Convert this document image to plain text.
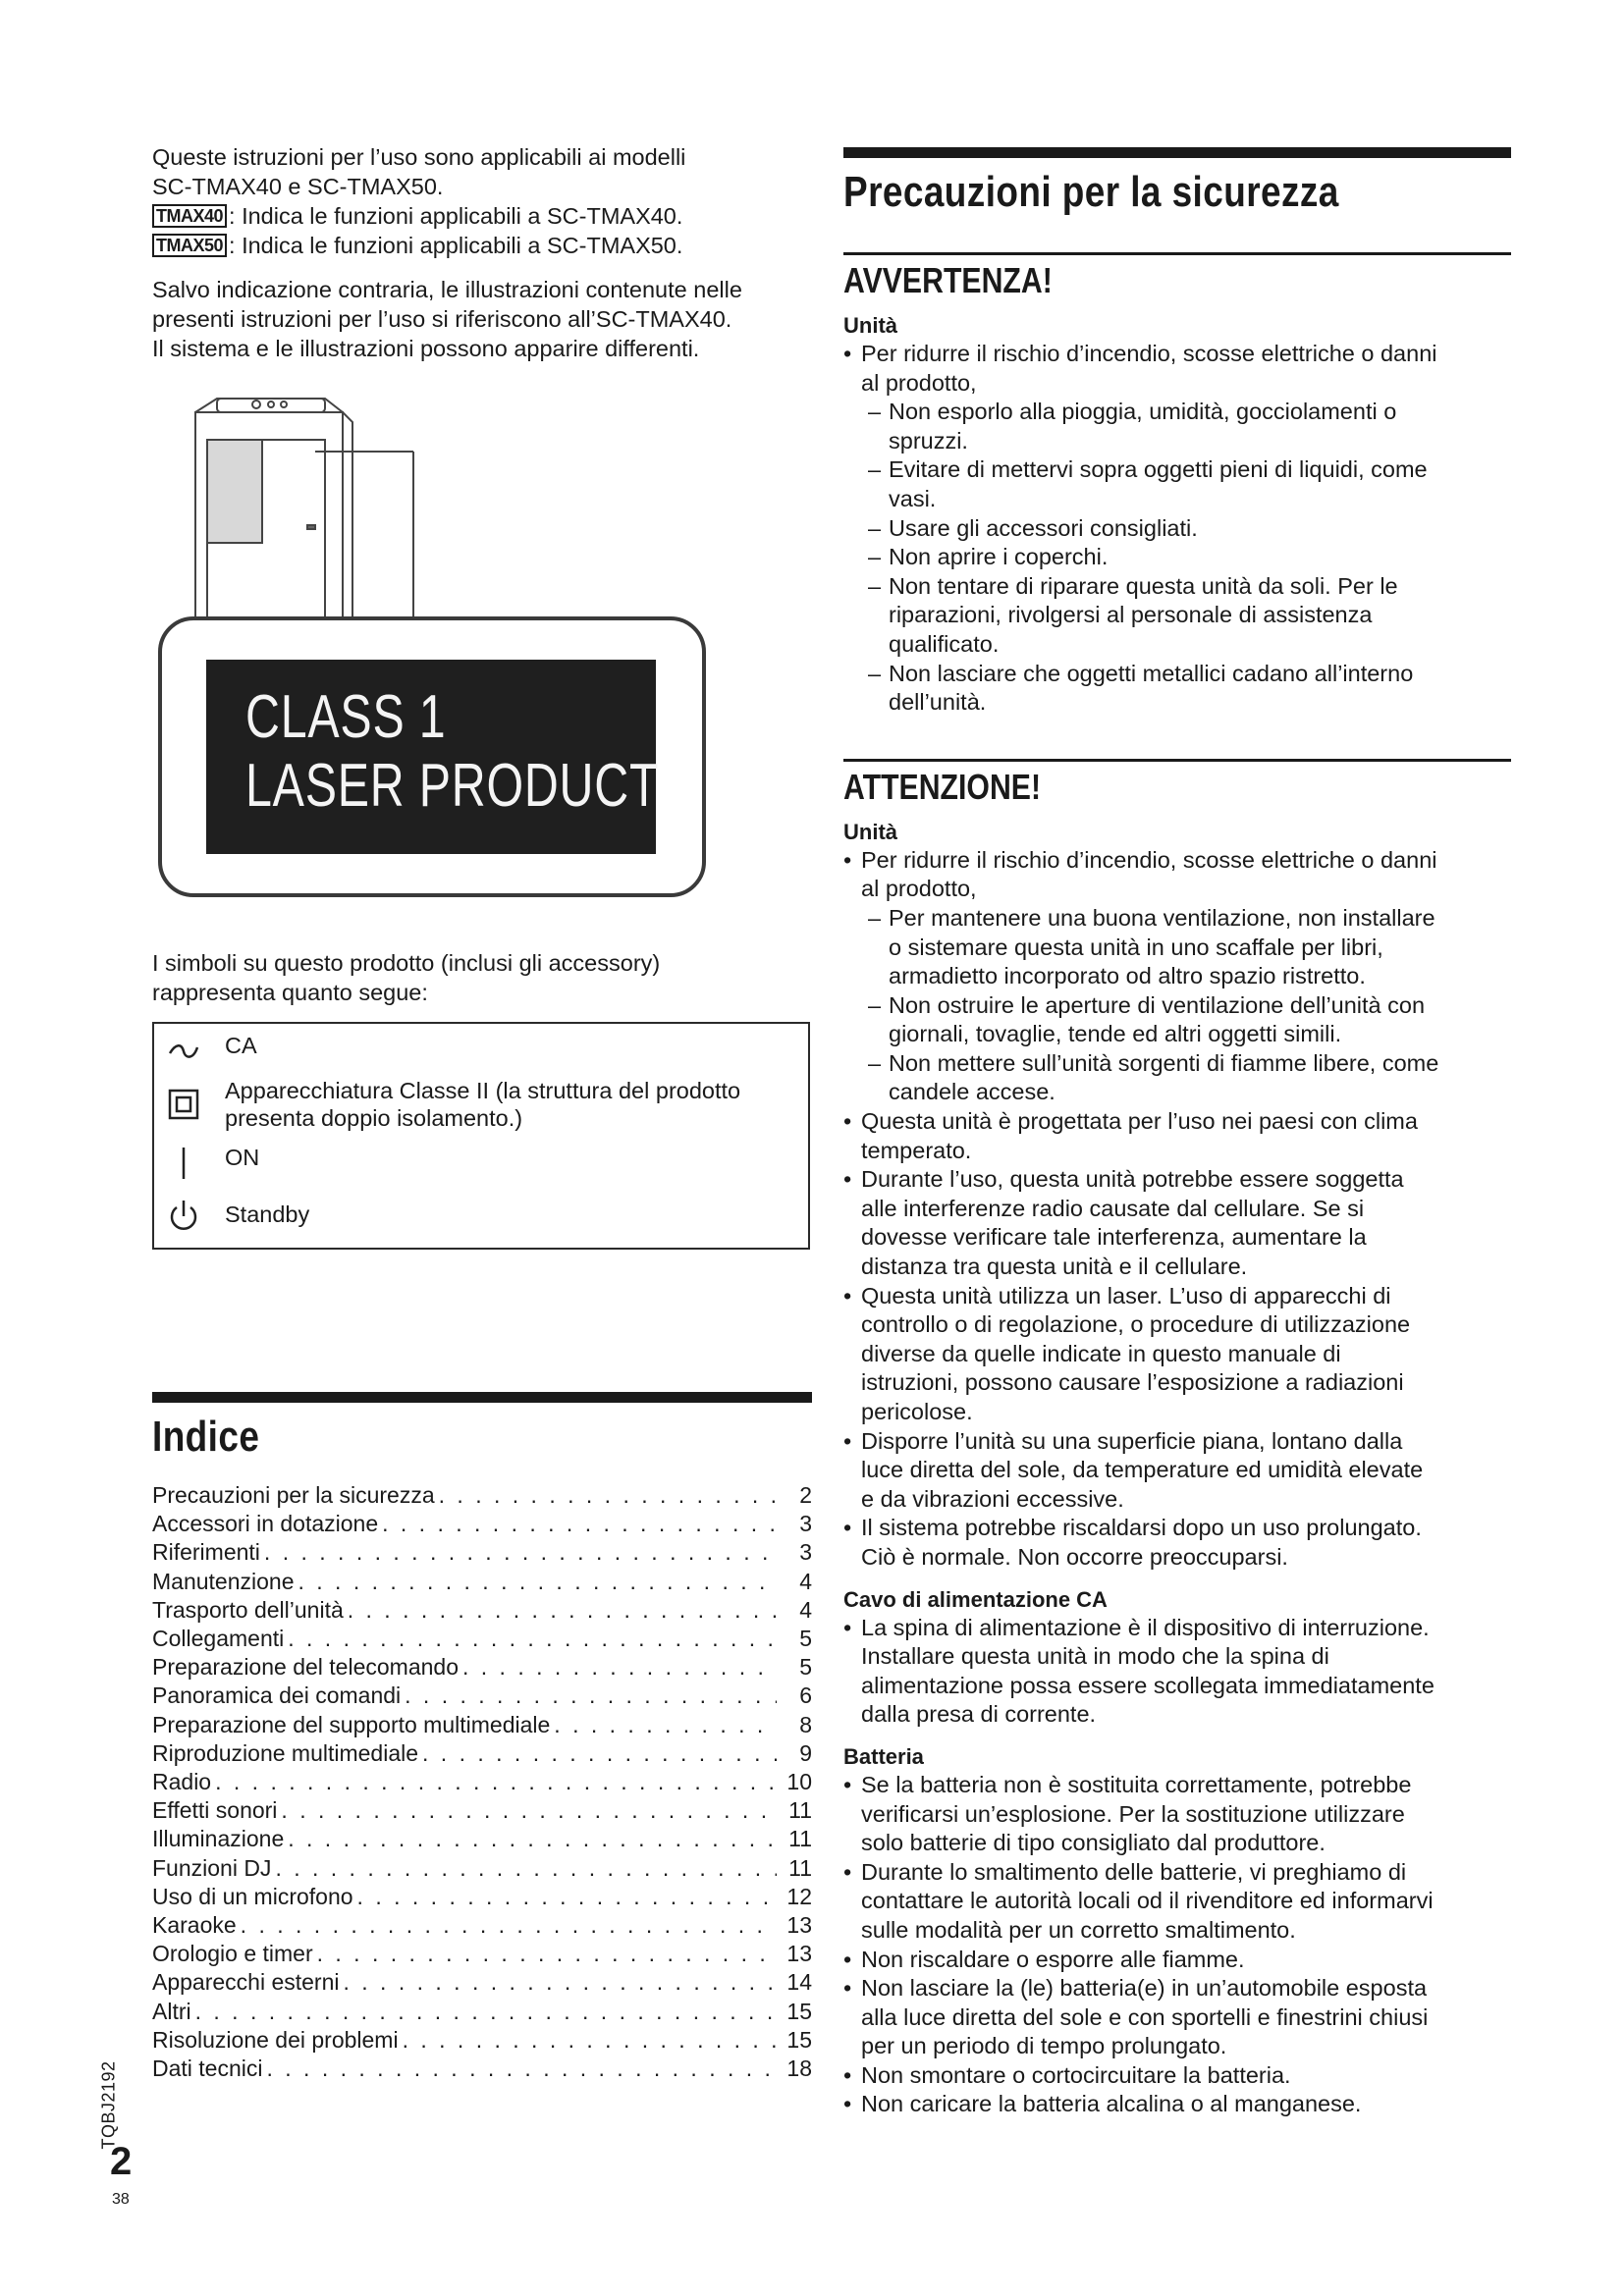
Queste istruzioni per l’uso sono applicabili ai modelli

SC-TMAX40 e SC-TMAX50.

TMAX40 : Indica le funzioni applicabili a SC-TMAX40.

TMAX50 : Indica le funzioni applicabili a SC-TMAX50.

Salvo indicazione contraria, le illustrazioni contenute nelle

presenti istruzioni per l’uso si riferiscono all’SC-TMAX40.

Il sistema e le illustrazioni possono apparire differenti.

CLASS 1
LASER PRODUCT

I simboli su questo prodotto (inclusi gli accessory)

rappresenta quanto segue:

CA
Apparecchiatura Classe II (la struttura del prodotto
presenta doppio isolamento.)
ON
Standby
Indice
Precauzioni per la sicurezza . . .	2
Accessori in dotazione . . .	3
Riferimenti . . .	3
Manutenzione . . .	4
Trasporto dell’unità . . .	4
Collegamenti . . .	5
Preparazione del telecomando . . .	5
Panoramica dei comandi . . .	6
Preparazione del supporto multimediale . . .	8
Riproduzione multimediale . . .	9
Radio . . .	10
Effetti sonori . . .	11
Illuminazione . . .	11
Funzioni DJ . . .	11
Uso di un microfono . . .	12
Karaoke . . .	13
Orologio e timer . . .	13
Apparecchi esterni . . .	14
Altri . . .	15
Risoluzione dei problemi . . .	15
Dati tecnici . . .	18
Precauzioni per la sicurezza
AVVERTENZA!
Unità
• Per ridurre il rischio d’incendio, scosse elettriche o danni
al prodotto,
– Non esporlo alla pioggia, umidità, gocciolamenti o
spruzzi.
– Evitare di mettervi sopra oggetti pieni di liquidi, come
vasi.
– Usare gli accessori consigliati.
– Non aprire i coperchi.
– Non tentare di riparare questa unità da soli. Per le
riparazioni, rivolgersi al personale di assistenza
qualificato.
– Non lasciare che oggetti metallici cadano all’interno
dell’unità.
ATTENZIONE!
Unità
• Per ridurre il rischio d’incendio, scosse elettriche o danni
al prodotto,
– Per mantenere una buona ventilazione, non installare
o sistemare questa unità in uno scaffale per libri,
armadietto incorporato od altro spazio ristretto.
– Non ostruire le aperture di ventilazione dell’unità con
giornali, tovaglie, tende ed altri oggetti simili.
– Non mettere sull’unità sorgenti di fiamme libere, come
candele accese.
• Questa unità è progettata per l’uso nei paesi con clima
temperato.
• Durante l’uso, questa unità potrebbe essere soggetta
alle interferenze radio causate dal cellulare. Se si
dovesse verificare tale interferenza, aumentare la
distanza tra questa unità e il cellulare.
• Questa unità utilizza un laser. L’uso di apparecchi di
controllo o di regolazione, o procedure di utilizzazione
diverse da quelle indicate in questo manuale di
istruzioni, possono causare l’esposizione a radiazioni
pericolose.
• Disporre l’unità su una superficie piana, lontano dalla
luce diretta del sole, da temperature ed umidità elevate
e da vibrazioni eccessive.
• Il sistema potrebbe riscaldarsi dopo un uso prolungato.
Ciò è normale. Non occorre preoccuparsi.
Cavo di alimentazione CA
• La spina di alimentazione è il dispositivo di interruzione.
Installare questa unità in modo che la spina di
alimentazione possa essere scollegata immediatamente
dalla presa di corrente.
Batteria
• Se la batteria non è sostituita correttamente, potrebbe
verificarsi un’esplosione. Per la sostituzione utilizzare
solo batterie di tipo consigliato dal produttore.
• Durante lo smaltimento delle batterie, vi preghiamo di
contattare le autorità locali od il rivenditore ed informarvi
sulle modalità per un corretto smaltimento.
• Non riscaldare o esporre alle fiamme.
• Non lasciare la (le) batteria(e) in un’automobile esposta
alla luce diretta del sole e con sportelli e finestrini chiusi
per un periodo di tempo prolungato.
• Non smontare o cortocircuitare la batteria.
• Non caricare la batteria alcalina o al manganese.
TQBJ2192
2
38
